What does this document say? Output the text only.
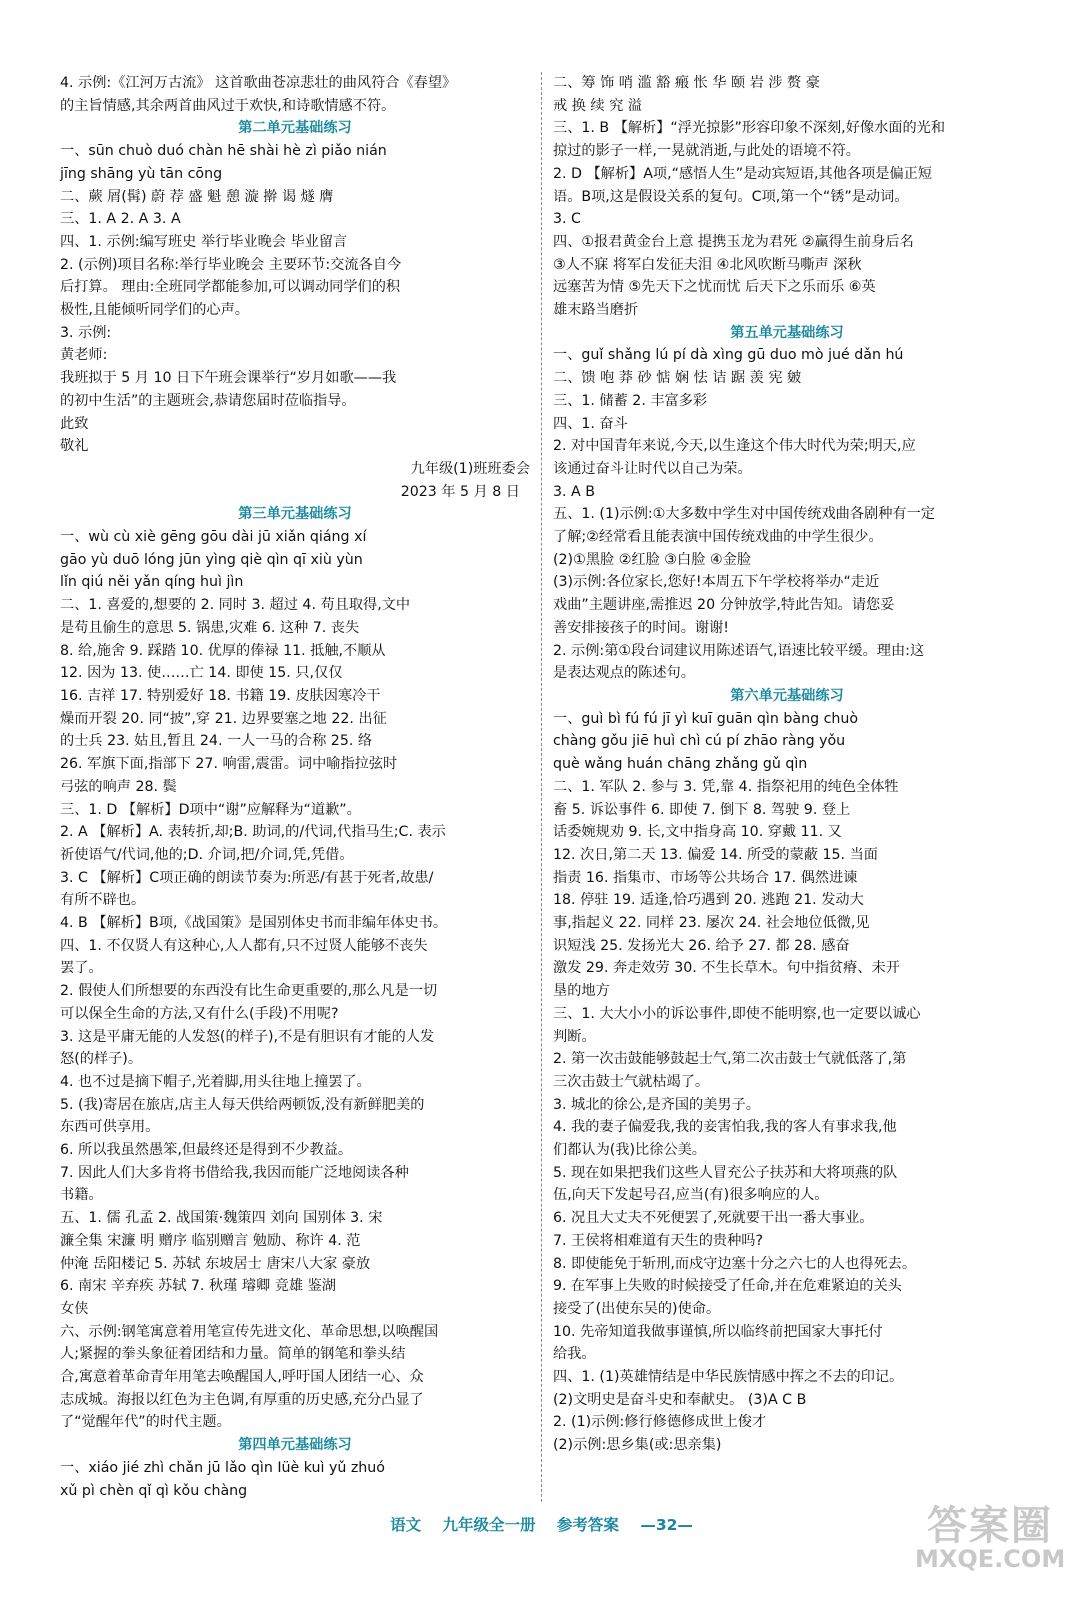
4. 示例:《江河万古流》 这首歌曲苍凉悲壮的曲风符合《春望》
的主旨情感,其余两首曲风过于欢快,和诗歌情感不符。
第二单元基础练习
一、sūn chuò duó chàn hē shài hè zì piǎo nián
jīng shāng yù tān cōng
二、蕨 屑(髯) 蔚 荐 盛 魁 憩 漩 擀 谒 燧 膺
三、1. A 2. A 3. A
四、1. 示例:编写班史 举行毕业晚会 毕业留言
2. (示例)项目名称:举行毕业晚会 主要环节:交流各自今
后打算。 理由:全班同学都能参加,可以调动同学们的积
极性,且能倾听同学们的心声。
3. 示例:
黄老师:
我班拟于 5 月 10 日下午班会课举行“岁月如歌——我
的初中生活”的主题班会,恭请您届时莅临指导。
此致
敬礼
九年级(1)班班委会
2023 年 5 月 8 日
第三单元基础练习
一、wù cù xiè gēng gōu dài jū xiǎn qiáng xí
gāo yù duō lóng jūn yìng qiè qìn qī xiù yùn
lǐn qiú něi yǎn qíng huì jìn
二、1. 喜爱的,想要的 2. 同时 3. 超过 4. 苟且取得,文中
是苟且偷生的意思 5. 锅患,灾难 6. 这种 7. 丧失
8. 给,施舍 9. 踩踏 10. 优厚的俸禄 11. 抵触,不顺从
12. 因为 13. 使……亡 14. 即使 15. 只,仅仅
16. 吉祥 17. 特别爱好 18. 书籍 19. 皮肤因寒冷干
燥而开裂 20. 同“披”,穿 21. 边界要塞之地 22. 出征
的士兵 23. 姑且,暂且 24. 一人一马的合称 25. 络
26. 军旗下面,指部下 27. 响雷,震雷。词中喻指拉弦时
弓弦的响声 28. 鬓
三、1. D 【解析】D项中“谢”应解释为“道歉”。
2. A 【解析】A. 表转折,却;B. 助词,的/代词,代指马生;C. 表示
祈使语气/代词,他的;D. 介词,把/介词,凭,凭借。
3. C 【解析】C项正确的朗读节奏为:所恶/有甚于死者,故患/
有所不辟也。
4. B 【解析】B项,《战国策》是国别体史书而非编年体史书。
四、1. 不仅贤人有这种心,人人都有,只不过贤人能够不丧失
罢了。
2. 假使人们所想要的东西没有比生命更重要的,那么凡是一切
可以保全生命的方法,又有什么(手段)不用呢?
3. 这是平庸无能的人发怒(的样子),不是有胆识有才能的人发
怒(的样子)。
4. 也不过是摘下帽子,光着脚,用头往地上撞罢了。
5. (我)寄居在旅店,店主人每天供给两顿饭,没有新鲜肥美的
东西可供享用。
6. 所以我虽然愚笨,但最终还是得到不少教益。
7. 因此人们大多肯将书借给我,我因而能广泛地阅读各种
书籍。
五、1. 儒 孔孟 2. 战国策·魏策四 刘向 国别体 3. 宋
濂全集 宋濂 明 赠序 临别赠言 勉励、称许 4. 范
仲淹 岳阳楼记 5. 苏轼 东坡居士 唐宋八大家 豪放
6. 南宋 辛弃疾 苏轼 7. 秋瑾 璿卿 竞雄 鉴湖
女侠
六、示例:钢笔寓意着用笔宣传先进文化、革命思想,以唤醒国
人;紧握的拳头象征着团结和力量。简单的钢笔和拳头结
合,寓意着革命青年用笔去唤醒国人,呼吁国人团结一心、众
志成城。海报以红色为主色调,有厚重的历史感,充分凸显了
了“觉醒年代”的时代主题。
第四单元基础练习
一、xiáo jié zhì chǎn jū lǎo qìn Iüè kuì yǔ zhuó
xǔ pì chèn qǐ qì kǒu chàng
二、筹 饰 哨 滥 豁 瘢 怅 华 颐 岩 涉 赘 豪
戒 换 续 究 溢
三、1. B 【解析】“浮光掠影”形容印象不深刻,好像水面的光和
掠过的影子一样,一晃就消逝,与此处的语境不符。
2. D 【解析】A项,“感悟人生”是动宾短语,其他各项是偏正短
语。B项,这是假设关系的复句。C项,第一个“锈”是动词。
3. C
四、①报君黄金台上意 提携玉龙为君死 ②赢得生前身后名
③人不寐 将军白发征夫泪 ④北风吹断马嘶声 深秋
远塞苦为情 ⑤先天下之忧而忧 后天下之乐而乐 ⑥英
雄末路当磨折
第五单元基础练习
一、guǐ shǎng lú pí dà xìng gū duo mò jué dǎn hú
二、馈 咆 莽 砂 惦 娴 怯 诘 踞 羡 宪 皴
三、1. 储蓄 2. 丰富多彩
四、1. 奋斗
2. 对中国青年来说,今天,以生逢这个伟大时代为荣;明天,应
该通过奋斗让时代以自己为荣。
3. A B
五、1. (1)示例:①大多数中学生对中国传统戏曲各剧种有一定
了解;②经常看且能表演中国传统戏曲的中学生很少。
(2)①黑脸 ②红脸 ③白脸 ④金脸
(3)示例:各位家长,您好!本周五下午学校将举办“走近
戏曲”主题讲座,需推迟 20 分钟放学,特此告知。请您妥
善安排接孩子的时间。谢谢!
2. 示例:第①段台词建议用陈述语气,语速比较平缓。理由:这
是表达观点的陈述句。
第六单元基础练习
一、guì bì fú fú jī yì kuī guān qìn bàng chuò
chàng gǒu jiē huì chì cú pí zhāo ràng yǒu
què wǎng huán chāng zhǎng gǔ qìn
二、1. 军队 2. 参与 3. 凭,靠 4. 指祭祀用的纯色全体牲
畜 5. 诉讼事件 6. 即使 7. 倒下 8. 驾驶 9. 登上
话委婉规劝 9. 长,文中指身高 10. 穿戴 11. 又
12. 次日,第二天 13. 偏爱 14. 所受的蒙蔽 15. 当面
指责 16. 指集市、市场等公共场合 17. 偶然进谏
18. 停驻 19. 适逢,恰巧遇到 20. 逃跑 21. 发动大
事,指起义 22. 同样 23. 屡次 24. 社会地位低微,见
识短浅 25. 发扬光大 26. 给予 27. 都 28. 感奋
激发 29. 奔走效劳 30. 不生长草木。句中指贫瘠、未开
垦的地方
三、1. 大大小小的诉讼事件,即使不能明察,也一定要以诚心
判断。
2. 第一次击鼓能够鼓起士气,第二次击鼓士气就低落了,第
三次击鼓士气就枯竭了。
3. 城北的徐公,是齐国的美男子。
4. 我的妻子偏爱我,我的妾害怕我,我的客人有事求我,他
们都认为(我)比徐公美。
5. 现在如果把我们这些人冒充公子扶苏和大将项燕的队
伍,向天下发起号召,应当(有)很多响应的人。
6. 况且大丈夫不死便罢了,死就要干出一番大事业。
7. 王侯将相难道有天生的贵种吗?
8. 即使能免于斩刑,而戍守边塞十分之六七的人也得死去。
9. 在军事上失败的时候接受了任命,并在危难紧迫的关头
接受了(出使东吴的)使命。
10. 先帝知道我做事谨慎,所以临终前把国家大事托付
给我。
四、1. (1)英雄情结是中华民族情感中挥之不去的印记。
(2)文明史是奋斗史和奉献史。 (3)A C B
2. (1)示例:修行修德修成世上俊才
(2)示例:思乡集(或:思亲集)
语文 九年级全一册 参考答案 —32—	答案圈
MXQE.COM
